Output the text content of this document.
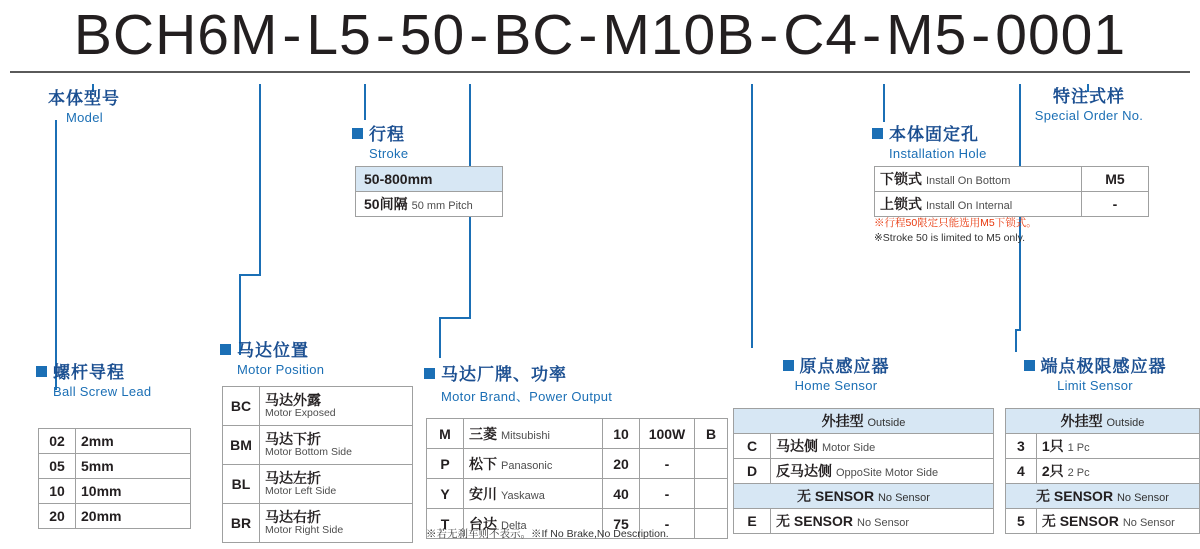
BCH6M-L5-50-BC-M10B-C4-M5-0001
本体型号
Model
行程
Stroke
50-800mm
50间隔 50 mm Pitch
特注式样
Special Order No.
本体固定孔
Installation Hole
下锁式 Install On Bottom	M5
上锁式 Install On Internal	-
※行程50限定只能选用M5下锁式。
※Stroke 50 is limited to M5 only.
螺杆导程
Ball Screw Lead
02	2mm
05	5mm
10	10mm
20	20mm
马达位置
Motor Position
BC	马达外露
Motor Exposed

BM	马达下折
Motor Bottom Side

BL	马达左折
Motor Left Side

BR	马达右折
Motor Right Side
马达厂牌、功率
Motor Brand、Power Output
M	三菱 Mitsubishi	10	100W	B
P	松下 Panasonic	20	-	
Y	安川 Yaskawa	40	-	
T	台达 Delta	75	-	
※若无刹车则不表示。※If No Brake,No Description.
原点感应器
Home Sensor
外挂型 Outside	
C	马达侧 Motor Side
D	反马达侧 OppoSite Motor Side
无 SENSOR No Sensor	
E	无 SENSOR No Sensor
端点极限感应器
Limit Sensor
外挂型 Outside	
3	1只 1 Pc
4	2只 2 Pc
无 SENSOR No Sensor	
5	无 SENSOR No Sensor
